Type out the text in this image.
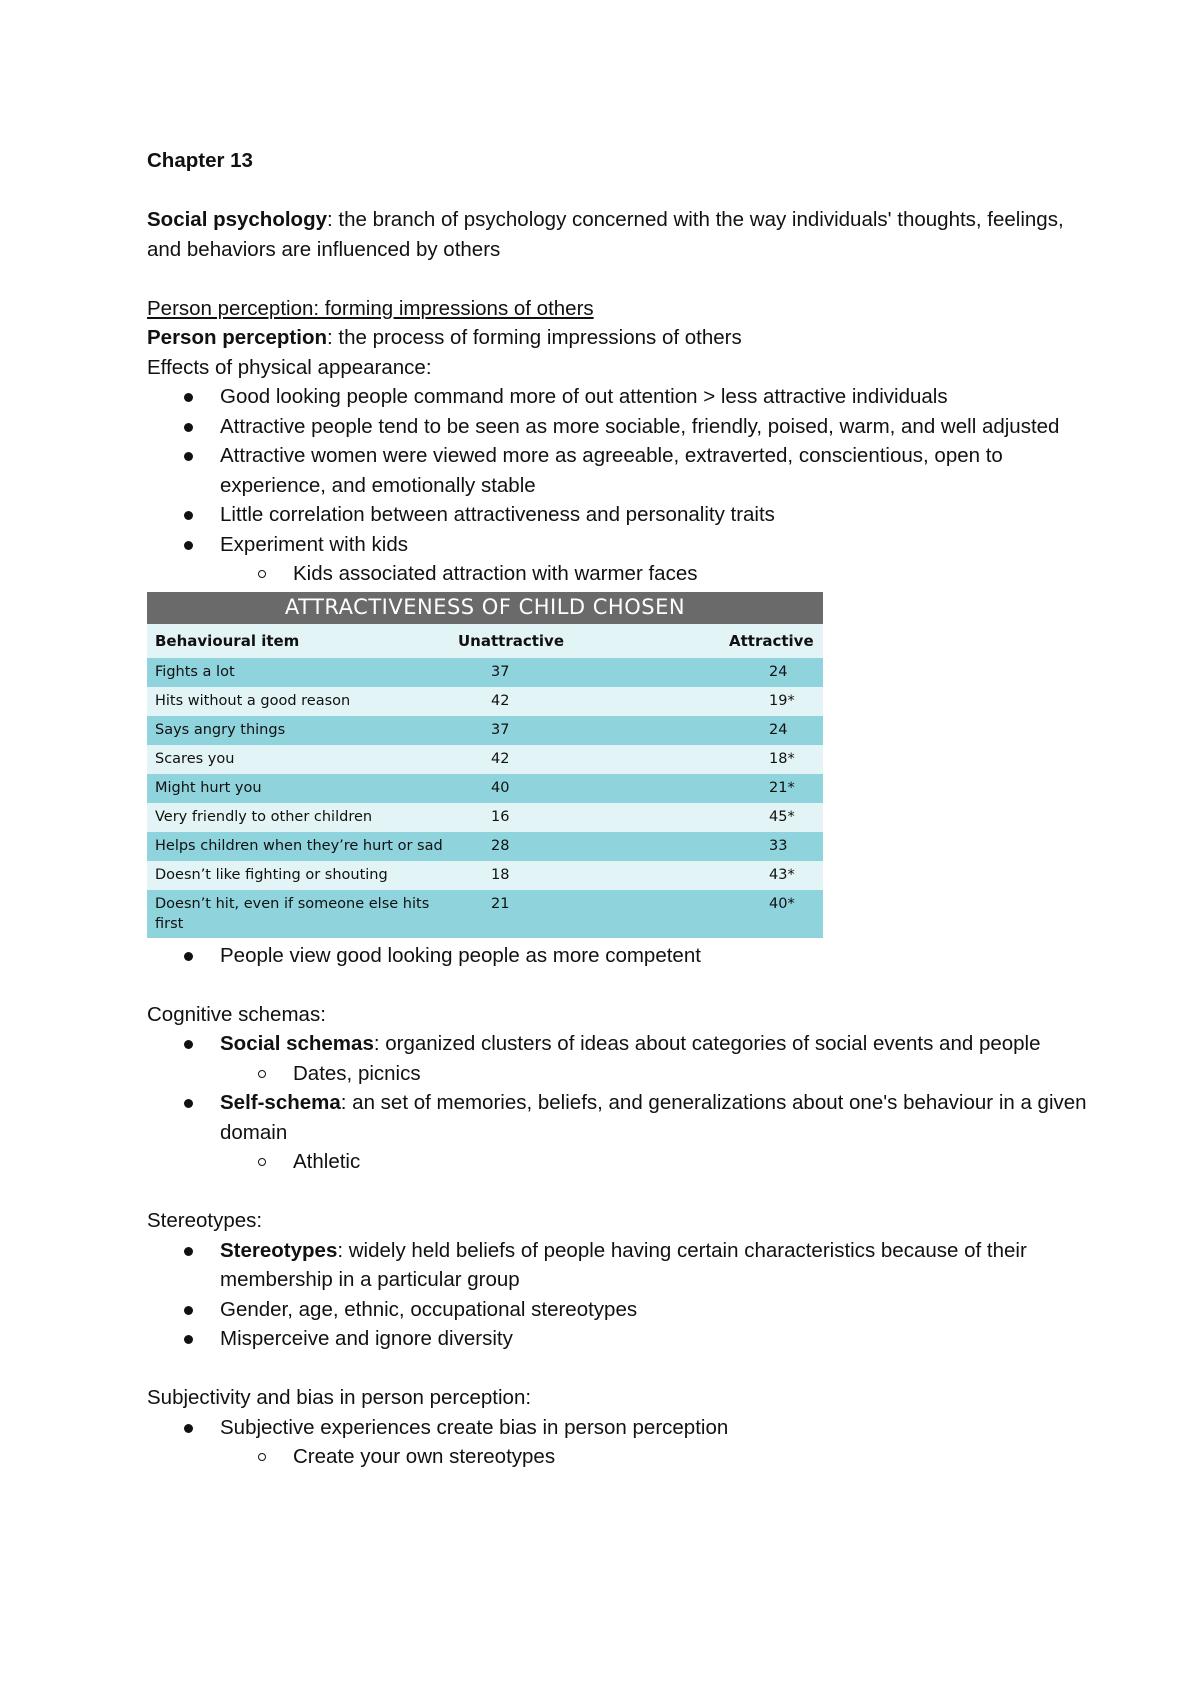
Chapter 13
Social psychology: the branch of psychology concerned with the way individuals' thoughts, feelings, and behaviors are influenced by others
Person perception: forming impressions of others
Person perception: the process of forming impressions of others
Effects of physical appearance:
Good looking people command more of out attention > less attractive individuals
Attractive people tend to be seen as more sociable, friendly, poised, warm, and well adjusted
Attractive women were viewed more as agreeable, extraverted, conscientious, open to experience, and emotionally stable
Little correlation between attractiveness and personality traits
Experiment with kids
Kids associated attraction with warmer faces
ATTRACTIVENESS OF CHILD CHOSEN		
Behavioural item	Unattractive	Attractive
Fights a lot	37	24
Hits without a good reason	42	19*
Says angry things	37	24
Scares you	42	18*
Might hurt you	40	21*
Very friendly to other children	16	45*
Helps children when they’re hurt or sad	28	33
Doesn’t like fighting or shouting	18	43*
Doesn’t hit, even if someone else hits first	21	40*
People view good looking people as more competent
Cognitive schemas:
Social schemas: organized clusters of ideas about categories of social events and people
Dates, picnics
Self-schema: an set of memories, beliefs, and generalizations about one's behaviour in a given domain
Athletic
Stereotypes:
Stereotypes: widely held beliefs of people having certain characteristics because of their membership in a particular group
Gender, age, ethnic, occupational stereotypes
Misperceive and ignore diversity
Subjectivity and bias in person perception:
Subjective experiences create bias in person perception
Create your own stereotypes
